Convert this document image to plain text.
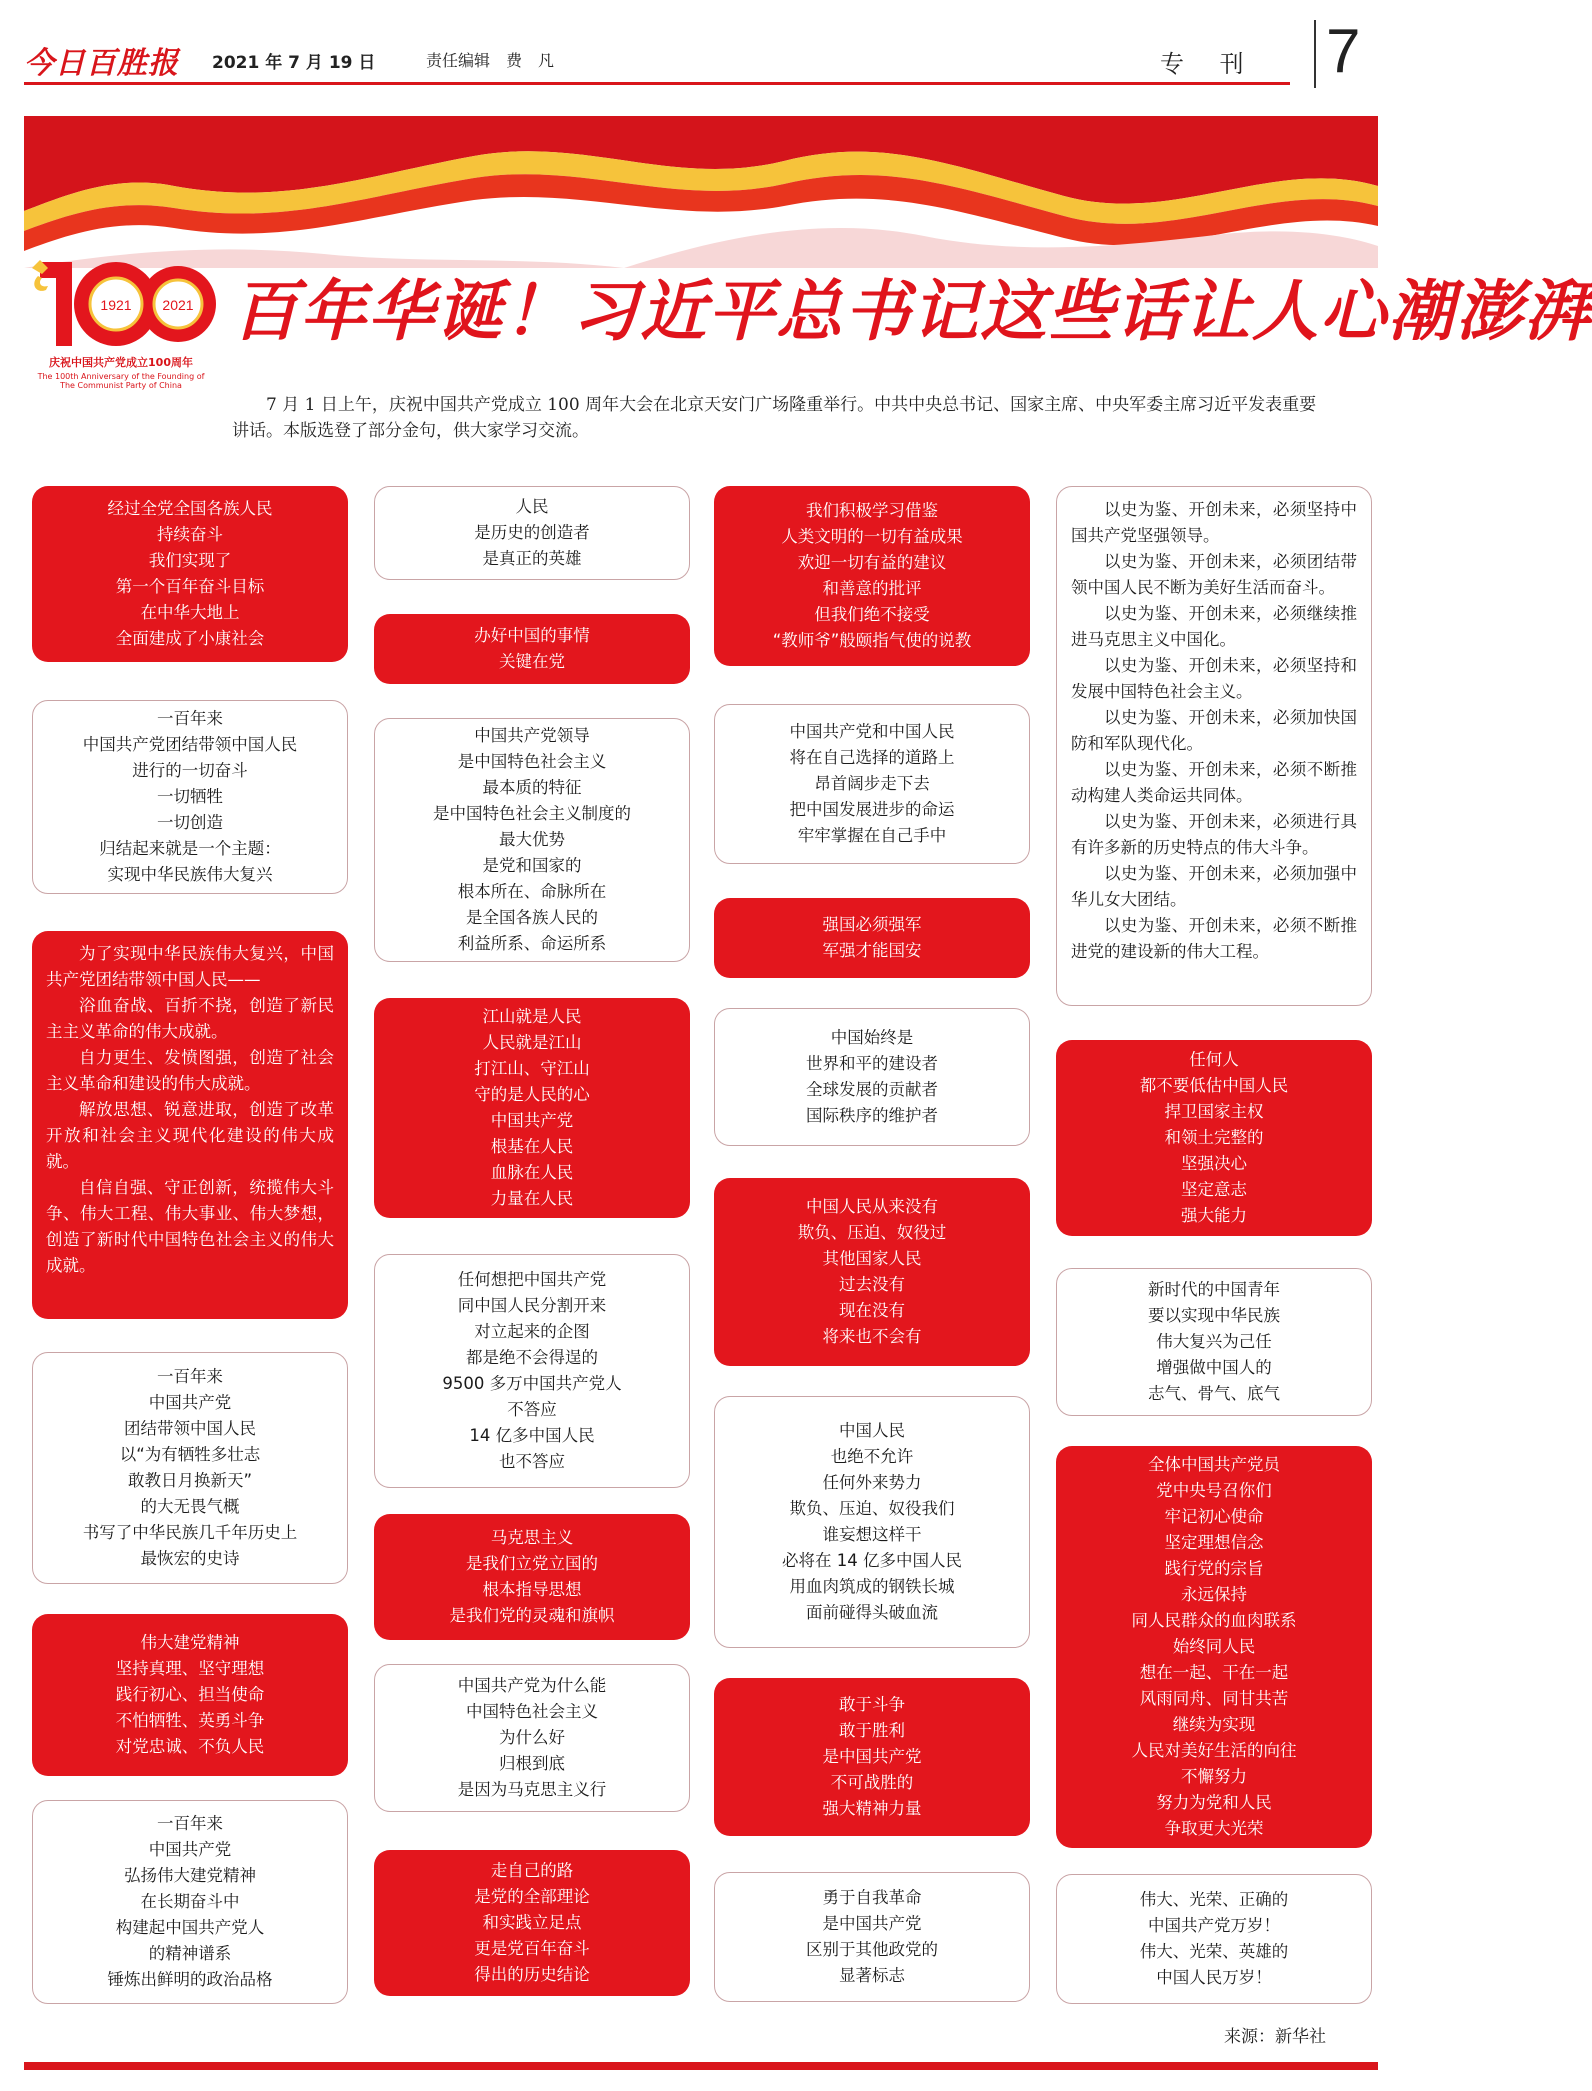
今日百胜报 2021 年 7 月 19 日	责任编辑　费　凡	专 刊 7
1921 2021
庆祝中国共产党成立100周年
The 100th Anniversary of the Founding of
The Communist Party of China
百年华诞！习近平总书记这些话让人心潮澎湃
7 月 1 日上午，庆祝中国共产党成立 100 周年大会在北京天安门广场隆重举行。中共中央总书记、国家主席、中央军委主席习近平发表重要讲话。本版选登了部分金句，供大家学习交流。
经过全党全国各族人民
持续奋斗
我们实现了
第一个百年奋斗目标
在中华大地上
全面建成了小康社会
一百年来
中国共产党团结带领中国人民
进行的一切奋斗
一切牺牲
一切创造
归结起来就是一个主题：
实现中华民族伟大复兴

为了实现中华民族伟大复兴，中国共产党团结带领中国人民——

浴血奋战、百折不挠，创造了新民主主义革命的伟大成就。

自力更生、发愤图强，创造了社会主义革命和建设的伟大成就。

解放思想、锐意进取，创造了改革开放和社会主义现代化建设的伟大成就。

自信自强、守正创新，统揽伟大斗争、伟大工程、伟大事业、伟大梦想，创造了新时代中国特色社会主义的伟大成就。

一百年来
中国共产党
团结带领中国人民
以“为有牺牲多壮志
敢教日月换新天”
的大无畏气概
书写了中华民族几千年历史上
最恢宏的史诗
伟大建党精神
坚持真理、坚守理想
践行初心、担当使命
不怕牺牲、英勇斗争
对党忠诚、不负人民
一百年来
中国共产党
弘扬伟大建党精神
在长期奋斗中
构建起中国共产党人
的精神谱系
锤炼出鲜明的政治品格
人民
是历史的创造者
是真正的英雄
办好中国的事情
关键在党
中国共产党领导
是中国特色社会主义
最本质的特征
是中国特色社会主义制度的
最大优势
是党和国家的
根本所在、命脉所在
是全国各族人民的
利益所系、命运所系
江山就是人民
人民就是江山
打江山、守江山
守的是人民的心
中国共产党
根基在人民
血脉在人民
力量在人民
任何想把中国共产党
同中国人民分割开来
对立起来的企图
都是绝不会得逞的
9500 多万中国共产党人
不答应
14 亿多中国人民
也不答应
马克思主义
是我们立党立国的
根本指导思想
是我们党的灵魂和旗帜
中国共产党为什么能
中国特色社会主义
为什么好
归根到底
是因为马克思主义行
走自己的路
是党的全部理论
和实践立足点
更是党百年奋斗
得出的历史结论
我们积极学习借鉴
人类文明的一切有益成果
欢迎一切有益的建议
和善意的批评
但我们绝不接受
“教师爷”般颐指气使的说教
中国共产党和中国人民
将在自己选择的道路上
昂首阔步走下去
把中国发展进步的命运
牢牢掌握在自己手中
强国必须强军
军强才能国安
中国始终是
世界和平的建设者
全球发展的贡献者
国际秩序的维护者
中国人民从来没有
欺负、压迫、奴役过
其他国家人民
过去没有
现在没有
将来也不会有
中国人民
也绝不允许
任何外来势力
欺负、压迫、奴役我们
谁妄想这样干
必将在 14 亿多中国人民
用血肉筑成的钢铁长城
面前碰得头破血流
敢于斗争
敢于胜利
是中国共产党
不可战胜的
强大精神力量
勇于自我革命
是中国共产党
区别于其他政党的
显著标志

以史为鉴、开创未来，必须坚持中国共产党坚强领导。

以史为鉴、开创未来，必须团结带领中国人民不断为美好生活而奋斗。

以史为鉴、开创未来，必须继续推进马克思主义中国化。

以史为鉴、开创未来，必须坚持和发展中国特色社会主义。

以史为鉴、开创未来，必须加快国防和军队现代化。

以史为鉴、开创未来，必须不断推动构建人类命运共同体。

以史为鉴、开创未来，必须进行具有许多新的历史特点的伟大斗争。

以史为鉴、开创未来，必须加强中华儿女大团结。

以史为鉴、开创未来，必须不断推进党的建设新的伟大工程。

任何人
都不要低估中国人民
捍卫国家主权
和领土完整的
坚强决心
坚定意志
强大能力
新时代的中国青年
要以实现中华民族
伟大复兴为己任
增强做中国人的
志气、骨气、底气
全体中国共产党员
党中央号召你们
牢记初心使命
坚定理想信念
践行党的宗旨
永远保持
同人民群众的血肉联系
始终同人民
想在一起、干在一起
风雨同舟、同甘共苦
继续为实现
人民对美好生活的向往
不懈努力
努力为党和人民
争取更大光荣
伟大、光荣、正确的
中国共产党万岁！
伟大、光荣、英雄的
中国人民万岁！
来源：新华社
